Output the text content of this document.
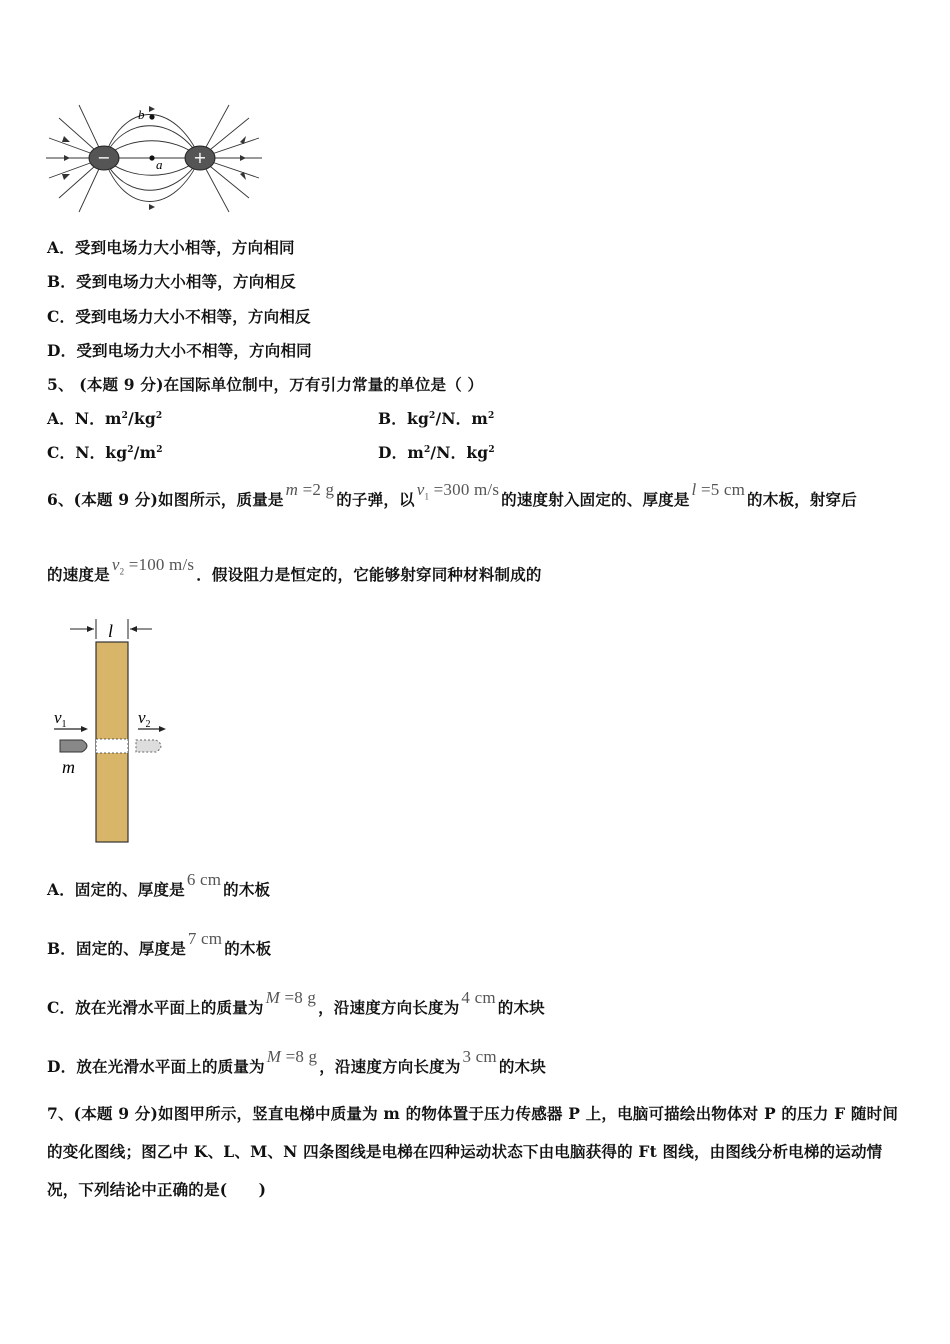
−	+
b
a
A．受到电场力大小相等，方向相同
B．受到电场力大小相等，方向相反
C．受到电场力大小不相等，方向相反
D．受到电场力大小不相等，方向相同
5、 (本题 9 分)在国际单位制中，万有引力常量的单位是（ ）
A．N．$m^2/kg^2$	B．$kg^2/N$．$m^2$
C．N．$kg^2/m^2$	D．$m^2/N$．$kg^2$
6、(本题 9 分)如图所示，质量是m =2 g的子弹，以$v_1 =300$ m/s的速度射入固定的、厚度是l =5 cm的木板，射穿后
的速度是$v_2 =100$ m/s．假设阻力是恒定的，它能够射穿同种材料制成的
l
$v_1$
m
$v_2$
A．固定的、厚度是6 cm的木板
B．固定的、厚度是7 cm的木板
C．放在光滑水平面上的质量为M =8 g，沿速度方向长度为4 cm的木块
D．放在光滑水平面上的质量为M =8 g，沿速度方向长度为3 cm的木块
7、(本题 9 分)如图甲所示，竖直电梯中质量为 m 的物体置于压力传感器 P 上，电脑可描绘出物体对 P 的压力 F 随时间
的变化图线；图乙中 K、L、M、N 四条图线是电梯在四种运动状态下由电脑获得的 Ft 图线，由图线分析电梯的运动情
况，下列结论中正确的是(　　)
